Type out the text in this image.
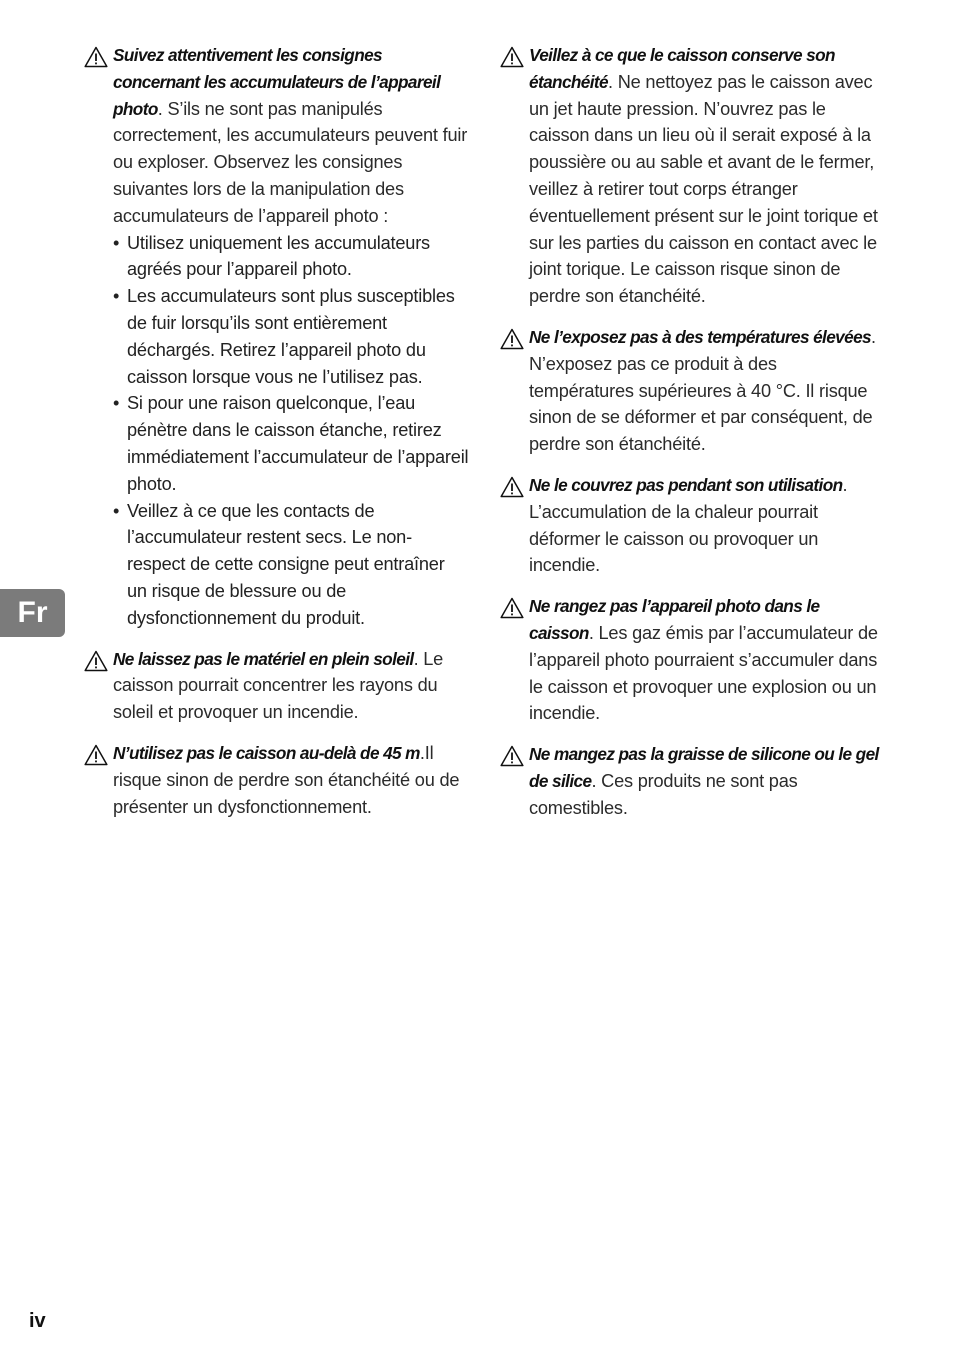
Suivez attentivement les consignes concernant les accumulateurs de l’appareil photo. S’ils ne sont pas manipulés correctement, les accumulateurs peuvent fuir ou exploser. Observez les consignes suivantes lors de la manipulation des accumulateurs de l’appareil photo :
• Utilisez uniquement les accumulateurs agréés pour l’appareil photo.
• Les accumulateurs sont plus susceptibles de fuir lorsqu’ils sont entièrement déchargés. Retirez l’appareil photo du caisson lorsque vous ne l’utilisez pas.
• Si pour une raison quelconque, l’eau pénètre dans le caisson étanche, retirez immédiatement l’accumulateur de l’appareil photo.
• Veillez à ce que les contacts de l’accumulateur restent secs. Le non-respect de cette consigne peut entraîner un risque de blessure ou de dysfonctionnement du produit.
Ne laissez pas le matériel en plein soleil. Le caisson pourrait concentrer les rayons du soleil et provoquer un incendie.
N’utilisez pas le caisson au-delà de 45 m.Il risque sinon de perdre son étanchéité ou de présenter un dysfonctionnement.
Veillez à ce que le caisson conserve son étanchéité. Ne nettoyez pas le caisson avec un jet haute pression. N’ouvrez pas le caisson dans un lieu où il serait exposé à la poussière ou au sable et avant de le fermer, veillez à retirer tout corps étranger éventuellement présent sur le joint torique et sur les parties du caisson en contact avec le joint torique. Le caisson risque sinon de perdre son étanchéité.
Ne l’exposez pas à des températures élevées. N’exposez pas ce produit à des températures supérieures à 40 °C. Il risque sinon de se déformer et par conséquent, de perdre son étanchéité.
Ne le couvrez pas pendant son utilisation. L’accumulation de la chaleur pourrait déformer le caisson ou provoquer un incendie.
Ne rangez pas l’appareil photo dans le caisson. Les gaz émis par l’accumulateur de l’appareil photo pourraient s’accumuler dans le caisson et provoquer une explosion ou un incendie.
Ne mangez pas la graisse de silicone ou le gel de silice. Ces produits ne sont pas comestibles.
Fr
iv
